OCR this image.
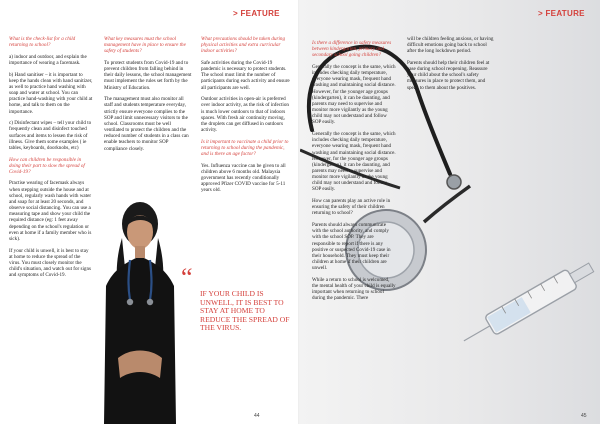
> FEATURE

What is the check-list for a child returning to school?

a) indoor and outdoor, and explain the importance of wearing a facemask.

b) Hand sanitiser – it is important to keep the hands clean with hand sanitizer, as well to practice hand washing with soap and water at school. You can practice hand-washing with your child at home, and talk to them on the importance.

c) Disinfectant wipes – tell your child to frequently clean and disinfect touched surfaces and items to lessen the risk of illness. Give them some examples ( ie tables, keyboards, doorknobs, etc)

How can children be responsible in doing their part to slow the spread of Covid-19?

Practise wearing of facemask always when stepping outside the house and at school, regularly wash hands with water and soap for at least 20 seconds, and observe social distancing. You can use a measuring tape and show your child the required distance (eg: 1 feet away depending on the school's regulation or even at home if a family member who is sick).

If your child is unwell, it is best to stay at home to reduce the spread of the virus. You must closely monitor the child's situation, and watch out for signs and symptoms of Covid-19.

What key measures must the school management have in place to ensure the safety of students?

To protect students from Covid-19 and to prevent children from falling behind in their daily lessons, the school management must implement the rules set forth by the Ministry of Education.

The management must also monitor all staff and students temperature everyday, strictly ensure everyone complies to the SOP and limit unnecessary visitors to the school. Classrooms must be well ventilated to protect the children and the reduced number of students in a class can enable teachers to monitor SOP compliance closely.

What precautions should be taken during physical activities and extra curricular indoor activities?

Safe activities during the Covid-19 pandemic is necessary to protect students. The school must limit the number of participants during each activity and ensure all participants are well.

Outdoor activities in open-air is preferred over indoor activity, as the risk of infection is much lower outdoors to that of indoors spaces. With fresh air continuity moving, the droplets can get diffused in outdoors activity.

Is it important to vaccinate a child prior to returning to school during the pandemic, and is there an age factor?

Yes. Influenza vaccine can be given to all children above 6 months old. Malaysia government has recently conditionally approved Pfizer COVID vaccine for 5-11 years old.

“
IF YOUR CHILD IS UNWELL, IT IS BEST TO STAY AT HOME TO REDUCE THE SPREAD OF THE VIRUS.
44
> FEATURE

Is there a difference in safety measures between kindergarten, primary and secondary school going children?

Generally the concept is the same, which includes checking daily temperature, everyone wearing mask, frequent hand washing and maintaining social distance. However, for the younger age groups (kindergarten), it can be daunting, and parents may need to supervise and monitor more vigilantly as the young child may not understand and follow SOP easily.

Generally the concept is the same, which includes checking daily temperature, everyone wearing mask, frequent hand washing and maintaining social distance. However, for the younger age groups (kindergarten), it can be daunting, and parents may need to supervise and monitor more vigilantly as the young child may not understand and follow SOP easily.

How can parents play an active role in ensuring the safety of their children returning to school?

Parents should always communicate with the school authority, and comply with the school SOP. They are responsible to report if there is any positive or suspected Covid-19 case in their household. They must keep their children at home if their children are unwell.

While a return to school is welcomed, the mental health of your child is equally important when returning to school during the pandemic. There

will be children feeling anxious, or having difficult emotions going back to school after the long lockdown period.

Parents should help their children feel at ease during school reopening. Reassure your child about the school's safety measures in place to protect them, and speak to them about the positives.

45
